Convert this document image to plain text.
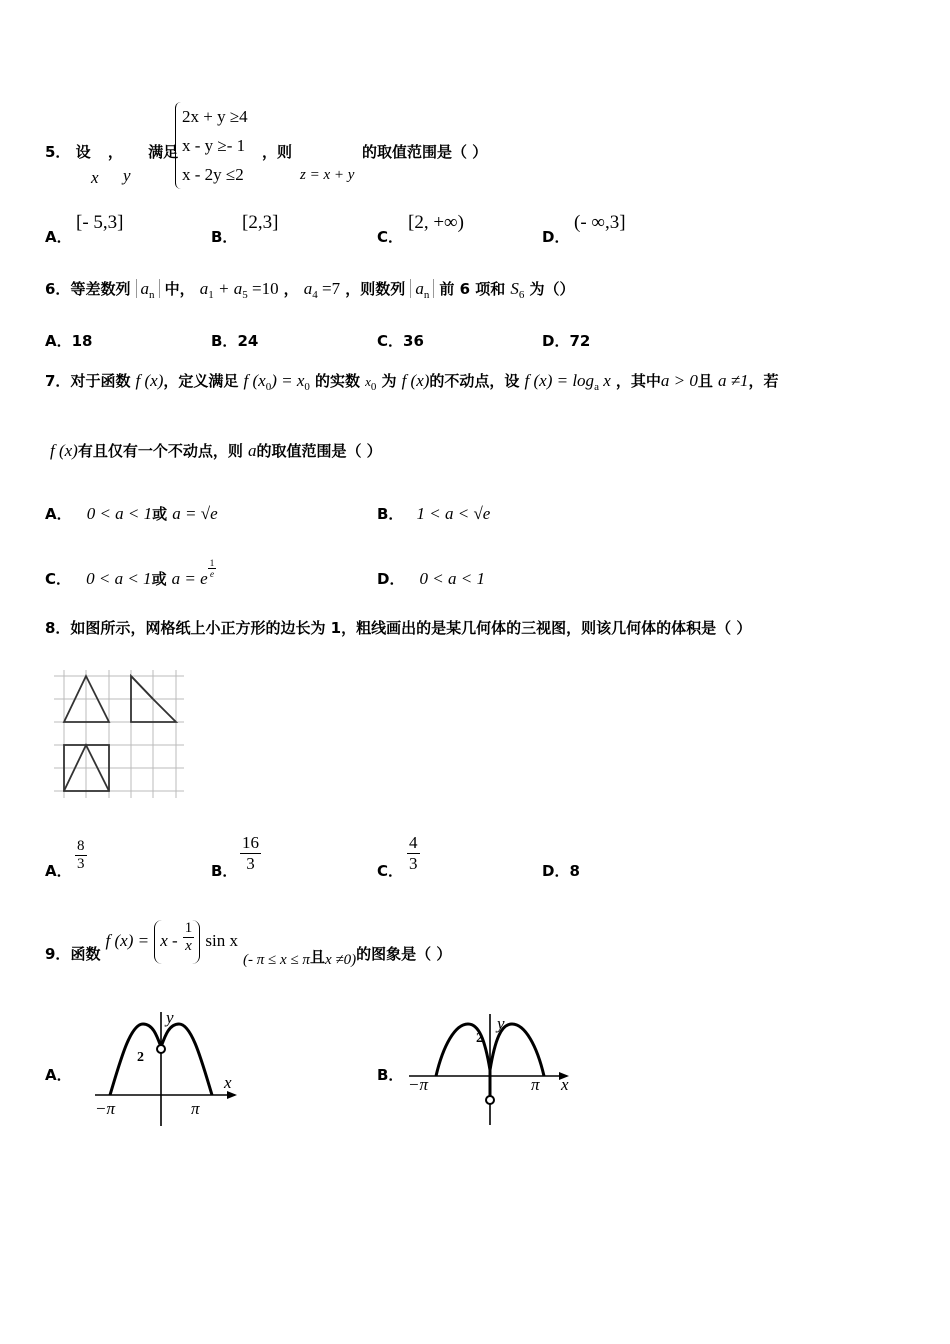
5． 设 ， 满足
x y
2x + y ≥4
x - y ≥- 1
x - 2y ≤2
，则
z = x + y
的取值范围是（ ）
A．
[- 5,3]
B．
[2,3]
C．
[2, +∞)
D．
(- ∞,3]
6．等差数列 $a_n$ 中， $a_1 + a_5 =10$ ， $a_4 =7$ ，则数列 $a_n$ 前 6 项和 $S_6$ 为（）
A．18	B．24	C．36	D．72
7．对于函数 f (x)，定义满足 f $(x_0) = x_0$ 的实数 $x_0$ 为 f (x)的不动点，设 f $(x) = \log_a x$ ，其中a > 0且 a ≠1，若
f (x)有且仅有一个不动点，则 a的取值范围是（ ）
A． 0 < a < 1或 a = √e	B． 1 < a < √e
C． 0 < a < 1或 a = e $\frac{1}{e}$	D． 0 < a < 1
8．如图所示，网格纸上小正方形的边长为 1，粗线画出的是某几何体的三视图，则该几何体的体积是（ ）
A． $\frac{8}{3}$	B． $\frac{16}{3}$	C． $\frac{4}{3}$	D．8
9．函数 f $(x) = x - \frac{1}{x}$ sin x (- π ≤ x ≤ π且x ≠0)的图象是（ ）
A．
y
x
2
−π	π
B．
y
x
2
−π	π
